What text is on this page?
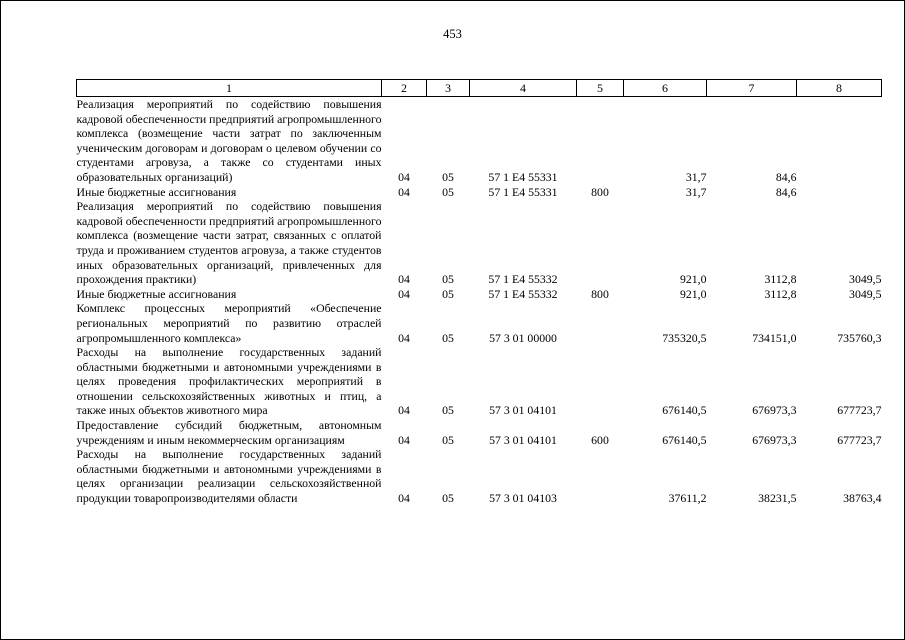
453
1	2	3	4	5	6	7	8
Реализация мероприятий по содействию повышения кадровой обеспеченности предприятий агропромышленного комплекса (возмещение части затрат по заключенным ученическим договорам и договорам о целевом обучении со студентами агровуза, а также со студентами иных образовательных организаций)	04	05	57 1 Е4 55331		31,7	84,6	
Иные бюджетные ассигнования	04	05	57 1 Е4 55331	800	31,7	84,6	
Реализация мероприятий по содействию повышения кадровой обеспеченности предприятий агропромышленного комплекса (возмещение части затрат, связанных с оплатой труда и проживанием студентов агровуза, а также студентов иных образовательных организаций, привлеченных для прохождения практики)	04	05	57 1 Е4 55332		921,0	3112,8	3049,5
Иные бюджетные ассигнования	04	05	57 1 Е4 55332	800	921,0	3112,8	3049,5
Комплекс процессных мероприятий «Обеспечение региональных мероприятий по развитию отраслей агропромышленного комплекса»	04	05	57 3 01 00000		735320,5	734151,0	735760,3
Расходы на выполнение государственных заданий областными бюджетными и автономными учреждениями в целях проведения профилактических мероприятий в отношении сельскохозяйственных животных и птиц, а также иных объектов животного мира	04	05	57 3 01 04101		676140,5	676973,3	677723,7
Предоставление субсидий бюджетным, автономным учреждениям и иным некоммерческим организациям	04	05	57 3 01 04101	600	676140,5	676973,3	677723,7
Расходы на выполнение государственных заданий областными бюджетными и автономными учреждениями в целях организации реализации сельскохозяйственной продукции товаропроизводителями области	04	05	57 3 01 04103		37611,2	38231,5	38763,4
